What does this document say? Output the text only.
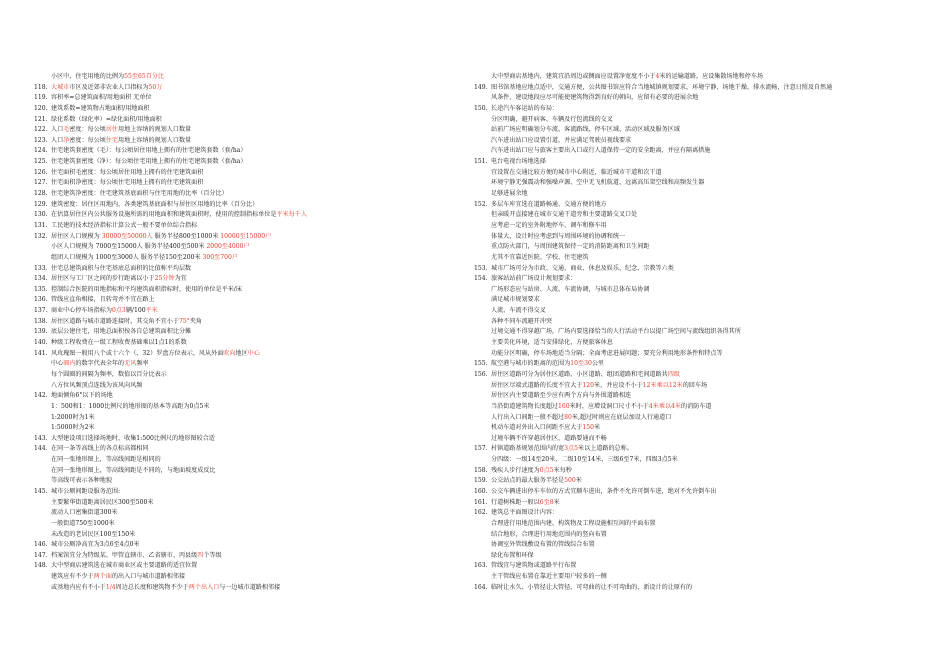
小区中，住宅用地的比例为55至65百分比
118. 大城市市区及近郊非农业人口指标为50万
119. 容积率=总建筑面积/用地面积 无单位
120. 建筑系数=建筑物占地面积/用地面积
121. 绿化系数（绿化率）=绿化面积/用地面积
122. 人口毛密度：每公顷居住用地上容纳的规划人口数量
123. 人口净密度：每公顷住宅用地上容纳的规划人口数量
124. 住宅建筑套密度（毛）：每公顷居住用地上拥有的住宅建筑套数（套/ha）
125. 住宅建筑套密度（净）：每公顷住宅用地上拥有的住宅建筑套数（套/ha）
126. 住宅面积毛密度：每公顷居住用地上拥有的住宅建筑面积
127. 住宅面积净密度：每公顷住宅用地上拥有的住宅建筑面积
128. 住宅建筑净密度：住宅建筑基底面积与住宅用地的比率（百分比）
129. 建筑密度：居住区用地内，各类建筑基底面积与居住区用地的比率（百分比）
130. 在估算居住区内公共服务设施所需的用地面积和建筑面积时，使用的控制指标单位是平米每千人
131. 工民建的技术经济指标计算公式一般不要单位综合指标
132. 居住区人口规模为 30000至50000人 服务半径800至1000米 10000至15000户
小区人口规模为 7000至15000人 服务半径400至500米 2000至4000户
组团人口规模为 1000至3000人 服务半径150至200米 300至700户
133. 住宅总建筑面积与住宅基底总面积的比值称平均层数
134. 居住区与工厂区之间的步行距离以小于25分钟为宜
135. 控制综合医院的用地指标和平均建筑面积指标时，使用的单位是平米/床
136. 管线应直角相接，且转弯并不宜在路上
137. 商业中心停车场指标为0点3辆/100平米
138. 居住区道路与城市道路连接时，其交角不宜小于75°夹角
139. 底层公建住宅，用地总面积按各自总建筑面积比分摊
140. 种级工程收费在一级工程收费基础乘以1点1的系数
141. 风玫瑰图一般用八个或十六个（、32）罗盘方位表示，风从外面吹向地区中心
中心圈内的数字代表全年的无风频率
每个圆圈的间隔为频率，数值以百分比表示
八方位风频顶点连线为该风向风频
142. 地面倾角6°以下的场地
1：500和1：1000比例尺的地形图的基本等高距为0点5米
1:2000时为1米
1:5000时为2米
143. 大型建设项目选择场地时，收集1:500比例尺的地形图较合适
144. 在同一条等高线上的各点标高都相同
在同一张地形图上，等高线间距是相同的
在同一张地形图上，等高线间距是不同的，与地面坡度成反比
等高线可表示各种地貌
145. 城市公厕间距设服务范围:
主要繁华街道距离居民区300至500米
流动人口密集街道300米
一般街道750至1000米
未改造的老居民区100至150米
146. 城市公厕净高宜为3点6至4点0米
147. 档案馆宜分为特级某、甲管直辖市、乙省辖市、丙县级四个等级
148. 大中型商店建筑选在城市商业区或主要道路的适宜位置
建筑应有不少于两个面的出入口与城市道路相邻接
或基地内应有不小于1/4周边总长度和建筑物不少于两个出入口与一边城市道路相邻接
大中型商店基地内，建筑宜沿周边或侧面应设置净宽度不小于4米的运输道路，应设集散场地和停车场
149. 图书馆基地应地点适中，交通方便，公共图书馆应符合当地城镇规划要求，环境宁静、场地干燥、排水流畅，注意日照及自然通
风条件，建设地段应尽可能使建筑物得到良好的朝向，应留有必要的进展余地
150. 长途汽车客运站的布局：
分区明确，避开病客、车辆及行包流线的交叉
站前广场应明确划分车流、客流路线、停车区域、活动区域及服务区域
汽车进出站口应设置引道，并应满足驾驶员视线要求
汽车进出站口应与旅客主要出入口或行人道保持一定的安全距离，并应有隔离措施
151. 电台电视台场地选择
宜设置在交通比较方便的城市中心附近，临近城市干道和次干道
环境宁静无强震动和强噪声源、空中无飞机航道、远离高压架空线和高频发生器
足够进展余地
152. 多层车库宜选在道路畅通、交通方便的地方
但亲暖开直接建在城市交通干道旁和主要道路交叉口处
应考虑一定的室外附地停车、调车和修车用
体量大，设计时应考虑到与周围环境的协调和统一
重点防火部门，与周围建筑保持一定的消防距离和卫生间距
尤其不宜靠近医院、学校、住宅建筑
153. 城市广场可分为市政、交通、商业、休息及娱乐、纪念、宗教等六类
154. 旅客站站前广场设计规划要求：
广场形态应与站房、人流、车流协调，与城市总体布局协调
满足城市规划要求
人流、车流不得交叉
各种不同车流避开冲突
过境交通不得穿越广场，广场内要选择恰当的人行活动平台以提广场空间与流线组织各得其所
主要美化环境，适当安排绿化，方便旅客休息
功能分区明确，停车场地适当分隔；全面考虑进展问题；要充分利用地形条件和特点等
155. 航空港与城市的距离的范围为10至30公里
156. 居住区道路可分为居住区道路、小区道路、组团道路和宅间道路共四级
居住区尽端式道路的长度不宜大于120米，并应设不小于12米乘以12米的回车场
居住区内主要道路至少应有两个方向与外围道路相连
当沿街道建筑物长度超过160米时，应增设洞口尺寸不小于4米乘以4米的消防车道
人行出入口间距一般不超过80米,超过时则应在底层加设人行通道口
机动车道对外出入口间距不应大于150米
过境车辆不许穿越居住区，道路要通而不畅
157. 村镇道路基规划范围内的宽3点5米以上道路的总称。
分四级：一级14至20米，二级10至14米，三级6至7米，四级3点5米
158. 残疾人步行速度为0点5米每秒
159. 公交站点的最大服务半径是500米
160. 公交车辆进出停车车位的方式宜顺车进出，条件不允许可倒车进，绝对不允许倒车出
161. 行道树株距一般以6至8米
162. 建筑总平面图设计内容：
合理进行用地范围内建、构筑物及工程设施相互间的平面布置
结合地形，合理进行用地范围内的竖向布置
协调室外管线敷设布置的管线综合布置
绿化布置和环保
163. 管线宜与建筑物或道路平行布置
主干管线应布置在靠近主要用户较多的一侧
164. 临时让水久、小管径让大管径、可弯曲的让不可弯曲的、新设计的让原有的
